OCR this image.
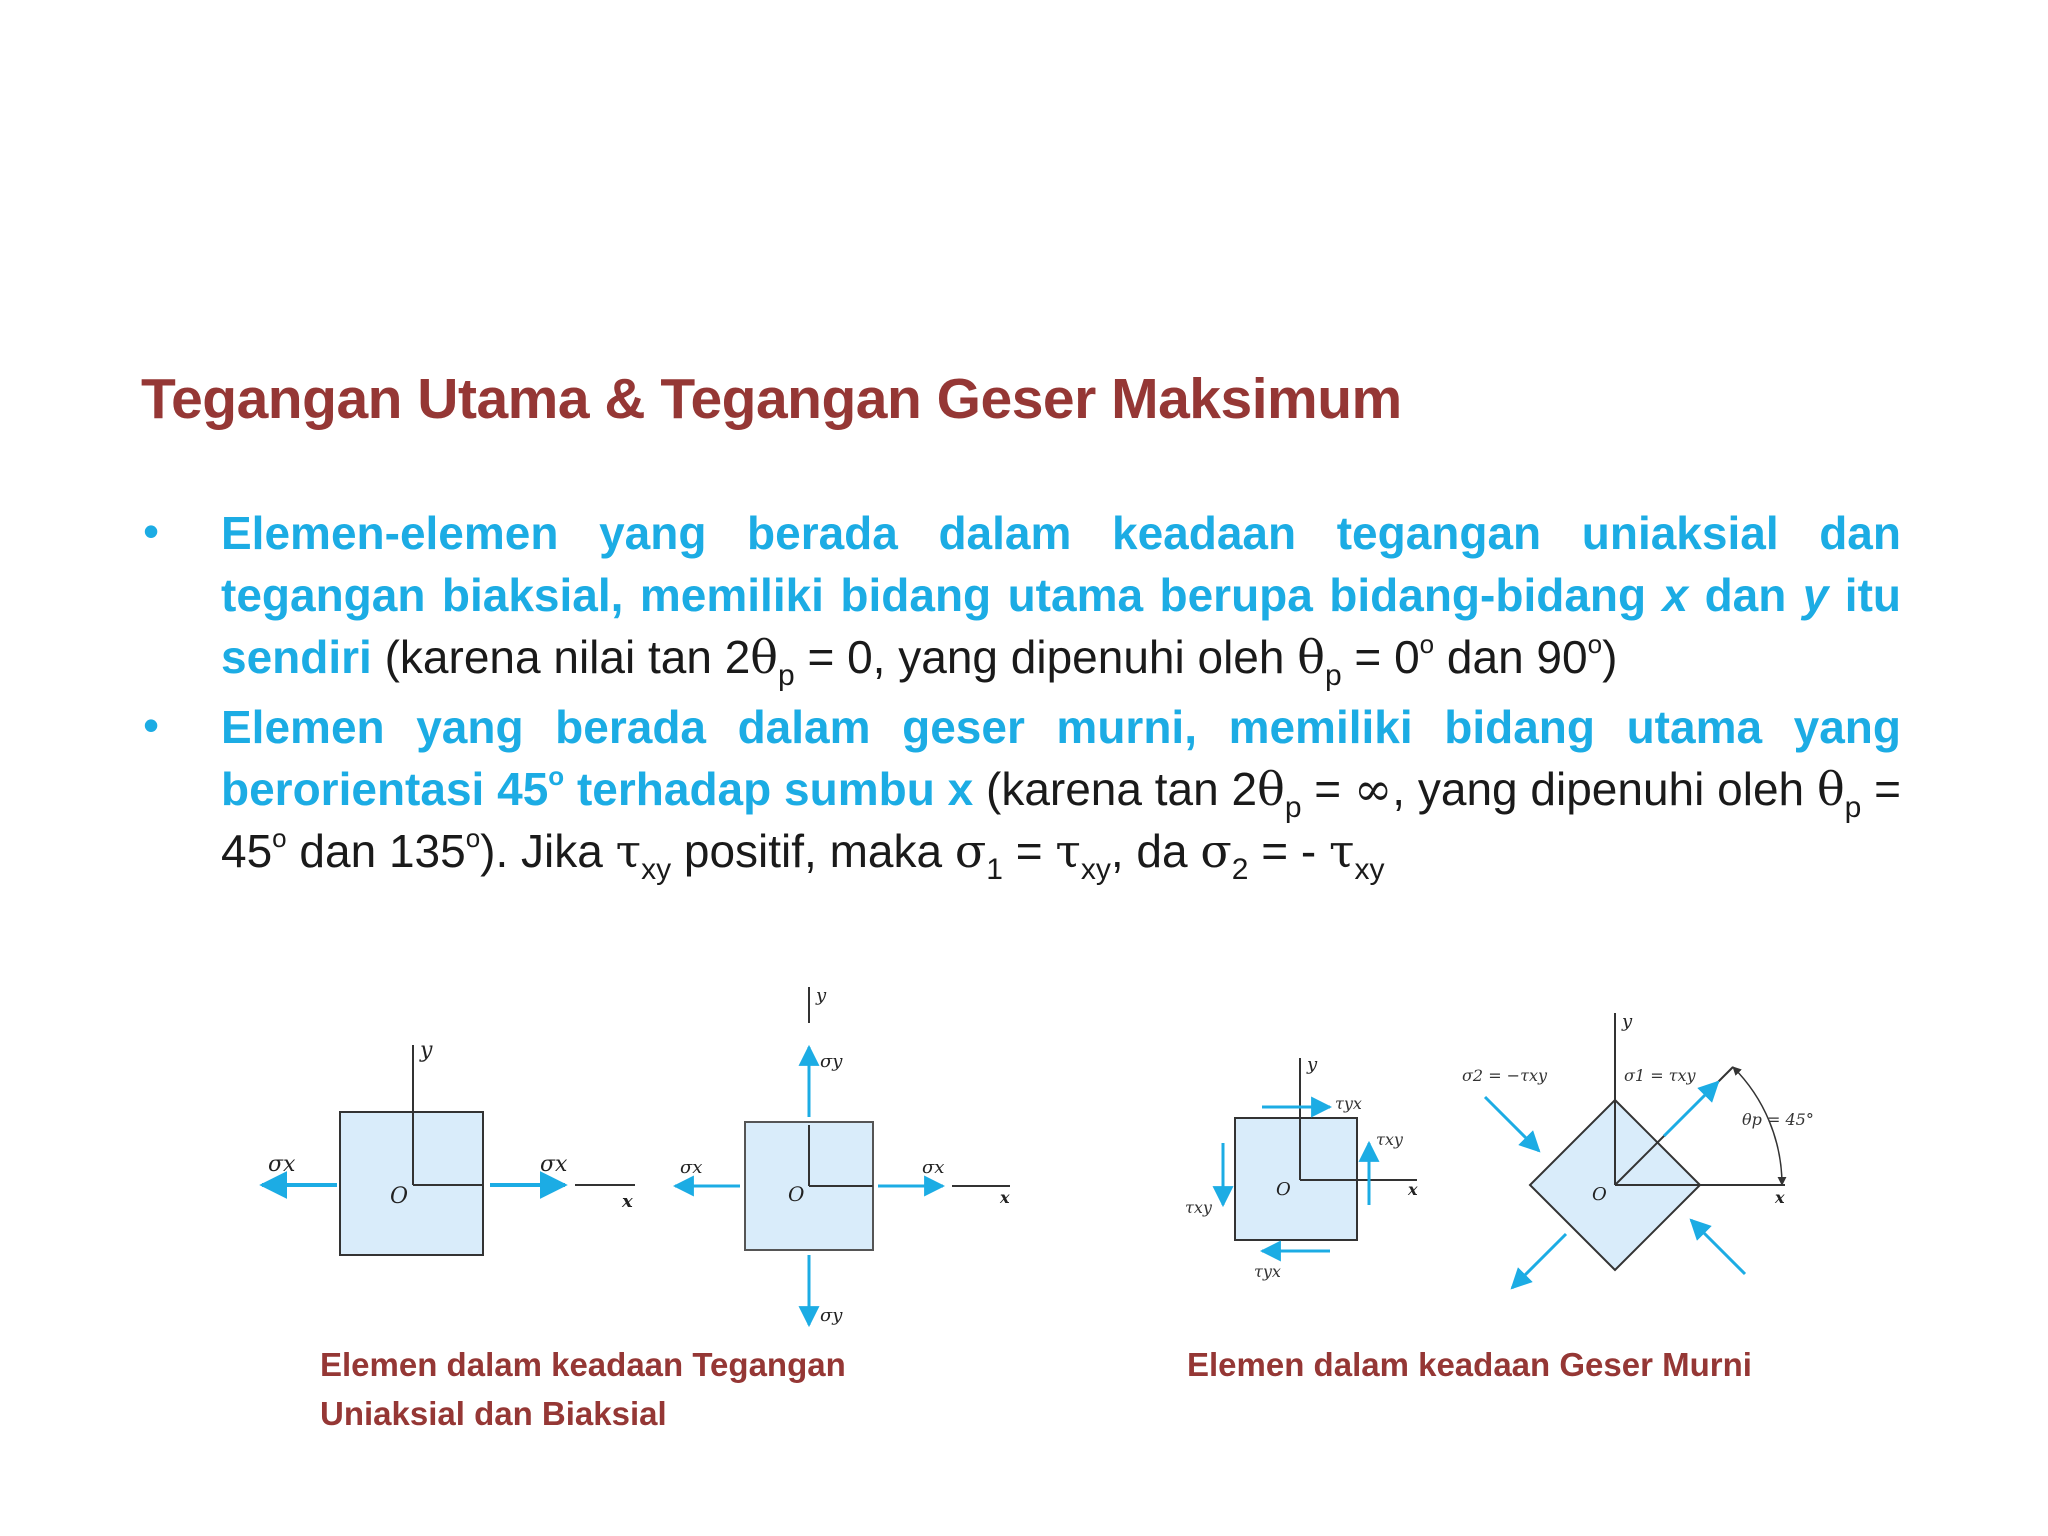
Tegangan Utama & Tegangan Geser Maksimum
• Elemen-elemen yang berada dalam keadaan tegangan uniaksial dan tegangan biaksial, memiliki bidang utama berupa bidang-bidang x dan y itu sendiri (karena nilai $\tan 2\theta_p = 0$, yang dipenuhi oleh $\theta_p = 0^o$ dan 90$^o$)
• Elemen yang berada dalam geser murni, memiliki bidang utama yang berorientasi 45$^o$ terhadap sumbu x (karena $\tan 2\theta_p$ = ∞, yang dipenuhi oleh $\theta_p = 45^o$ dan 135$^o$). Jika $\tau_{xy}$ positif, maka $\sigma_1 = \tau_{xy}$, da $\sigma_2$ = - $\tau_{xy}$
y
O
σx	σx
x
y
σy
σy
O
σx	σx
x
y
τyx
τxy
τxy
τyx
O	x
y
σ2 = −τxy	σ1 = τxy
θp = 45°
O	x
Elemen dalam keadaan Tegangan
Uniaksial dan Biaksial
Elemen dalam keadaan Geser Murni
